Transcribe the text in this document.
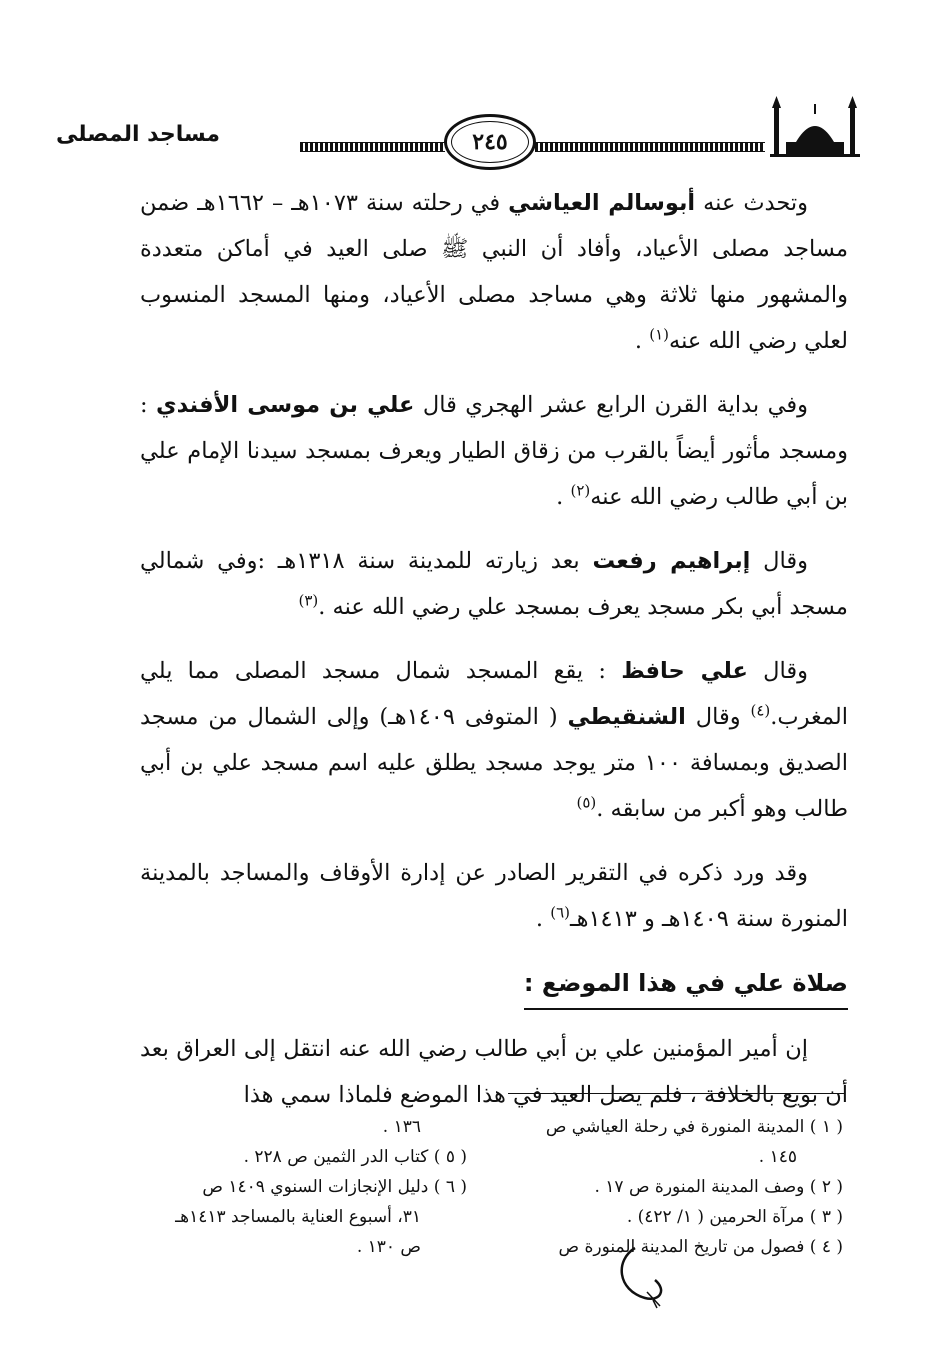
مساجد المصلى	٢٤٥

وتحدث عنه أبوسالم العياشي في رحلته سنة ١٠٧٣هـ – ١٦٦٢هـ ضمن مساجد مصلى الأعياد، وأفاد أن النبي ﷺ صلى العيد في أماكن متعددة والمشهور منها ثلاثة وهي مساجد مصلى الأعياد، ومنها المسجد المنسوب لعلي رضي الله عنه$^{(١)}$ .

وفي بداية القرن الرابع عشر الهجري قال علي بن موسى الأفندي : ومسجد مأثور أيضاً بالقرب من زقاق الطيار ويعرف بمسجد سيدنا الإمام علي بن أبي طالب رضي الله عنه$^{(٢)}$ .

وقال إبراهيم رفعت بعد زيارته للمدينة سنة ١٣١٨هـ :وفي شمالي مسجد أبي بكر مسجد يعرف بمسجد علي رضي الله عنه .$^{(٣)}$

وقال علي حافظ : يقع المسجد شمال مسجد المصلى مما يلي المغرب.$^{(٤)}$ وقال الشنقيطي ( المتوفى ١٤٠٩هـ) وإلى الشمال من مسجد الصديق وبمسافة ١٠٠ متر يوجد مسجد يطلق عليه اسم مسجد علي بن أبي طالب وهو أكبر من سابقه .$^{(٥)}$

وقد ورد ذكره في التقرير الصادر عن إدارة الأوقاف والمساجد بالمدينة المنورة سنة ١٤٠٩هـ و ١٤١٣هـ$^{(٦)}$ .

صلاة علي في هذا الموضع :

إن أمير المؤمنين علي بن أبي طالب رضي الله عنه انتقل إلى العراق بعد أن بويع بالخلافة ، فلم يصل العيد في هذا الموضع فلماذا سمي هذا

( ١ ) المدينة المنورة في رحلة العياشي ص
١٤٥ .
( ٢ ) وصف المدينة المنورة ص ١٧ .
( ٣ ) مرآة الحرمين ( ١/ ٤٢٢) .
( ٤ ) فصول من تاريخ المدينة المنورة ص
١٣٦ .
( ٥ ) كتاب الدر الثمين ص ٢٢٨ .
( ٦ ) دليل الإنجازات السنوي ١٤٠٩ ص
٣١، أسبوع العناية بالمساجد ١٤١٣هـ
ص ١٣٠ .
